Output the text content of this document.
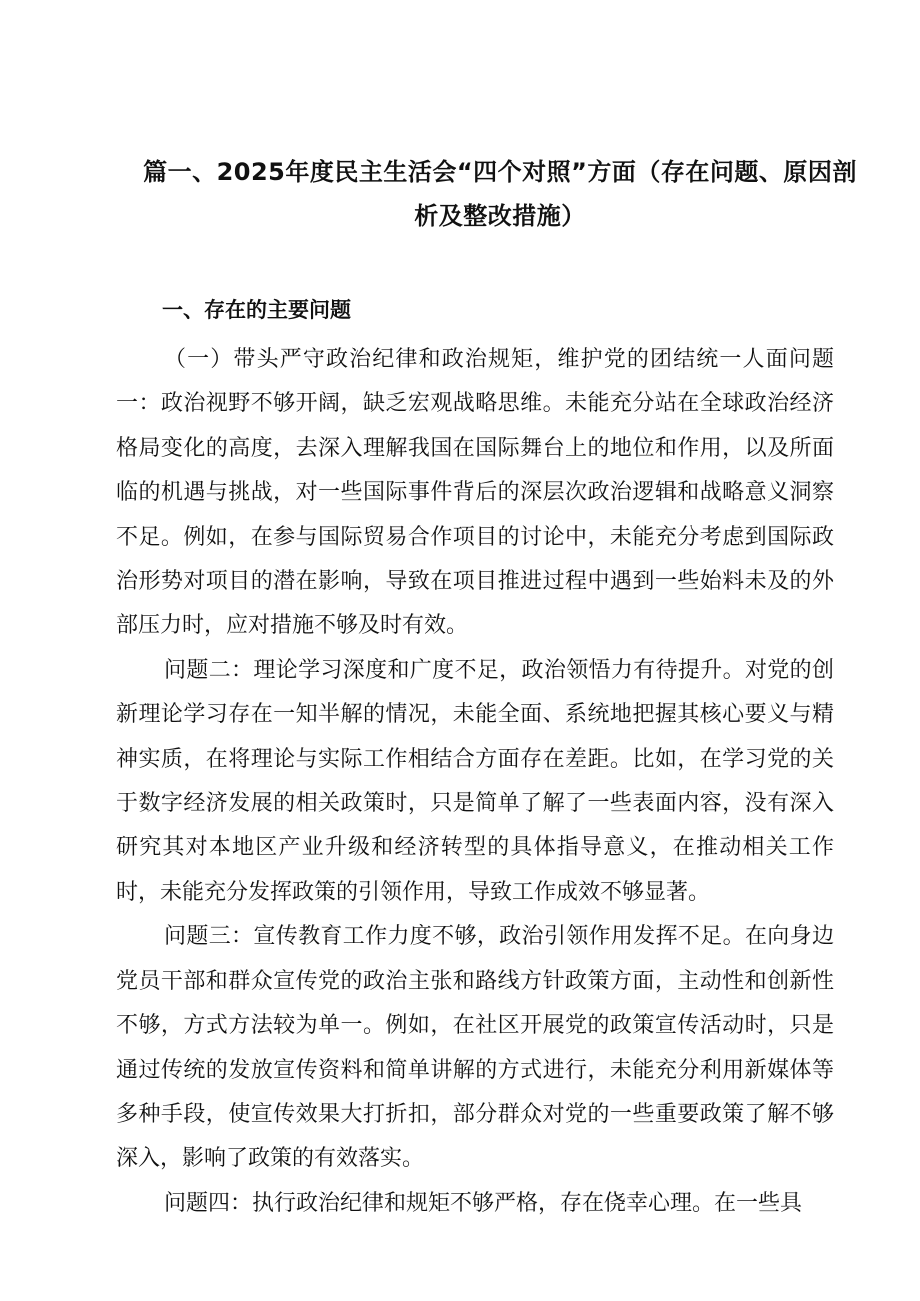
篇一、2025年度民主生活会“四个对照”方面（存在问题、原因剖析及整改措施）
一、存在的主要问题

（一）带头严守政治纪律和政治规矩，维护党的团结统一人面问题一：政治视野不够开阔，缺乏宏观战略思维。未能充分站在全球政治经济格局变化的高度，去深入理解我国在国际舞台上的地位和作用，以及所面临的机遇与挑战，对一些国际事件背后的深层次政治逻辑和战略意义洞察不足。例如，在参与国际贸易合作项目的讨论中，未能充分考虑到国际政治形势对项目的潜在影响，导致在项目推进过程中遇到一些始料未及的外部压力时，应对措施不够及时有效。

问题二：理论学习深度和广度不足，政治领悟力有待提升。对党的创新理论学习存在一知半解的情况，未能全面、系统地把握其核心要义与精神实质，在将理论与实际工作相结合方面存在差距。比如，在学习党的关于数字经济发展的相关政策时，只是简单了解了一些表面内容，没有深入研究其对本地区产业升级和经济转型的具体指导意义，在推动相关工作时，未能充分发挥政策的引领作用，导致工作成效不够显著。

问题三：宣传教育工作力度不够，政治引领作用发挥不足。在向身边党员干部和群众宣传党的政治主张和路线方针政策方面，主动性和创新性不够，方式方法较为单一。例如，在社区开展党的政策宣传活动时，只是通过传统的发放宣传资料和简单讲解的方式进行，未能充分利用新媒体等多种手段，使宣传效果大打折扣，部分群众对党的一些重要政策了解不够深入，影响了政策的有效落实。

问题四：执行政治纪律和规矩不够严格，存在侥幸心理。在一些具
